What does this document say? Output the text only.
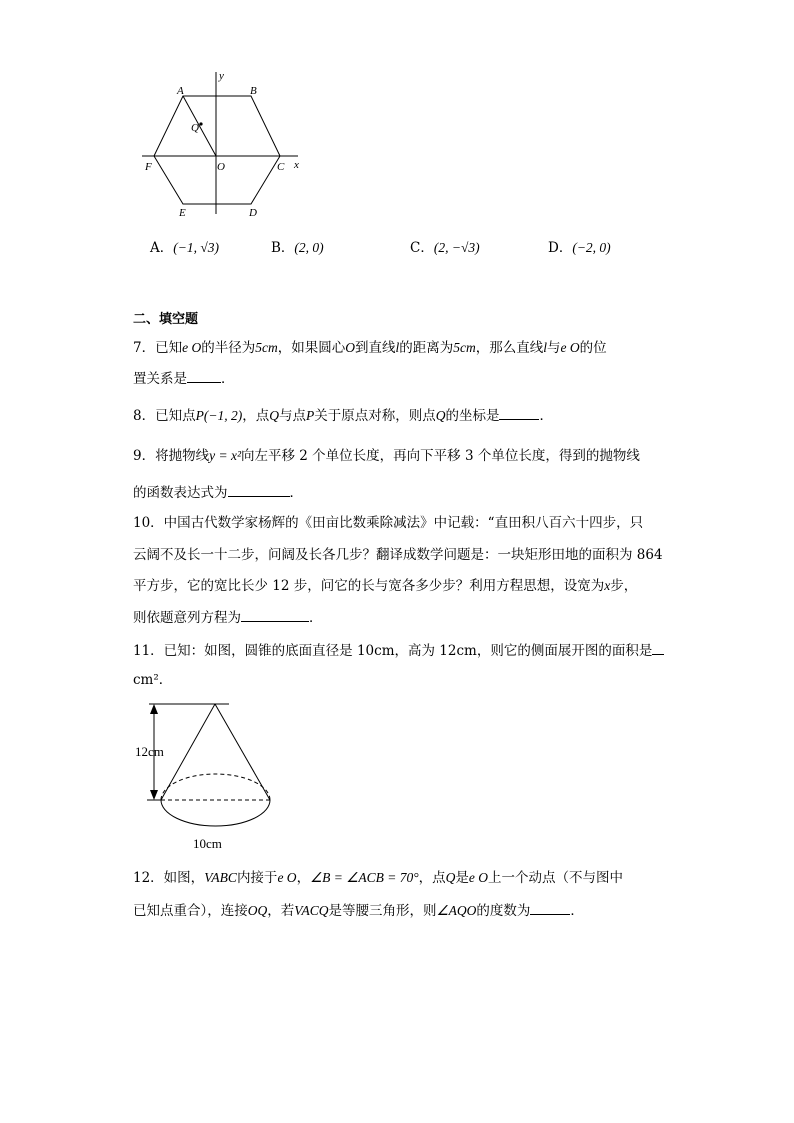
A	B
y
Q
F	O	C x
E	D
A．(−1, √3)	B．(2, 0)	C．(2, −√3)	D．(−2, 0)
二、填空题
7．已知e O的半径为5cm，如果圆心O到直线l的距离为5cm，那么直线l与e O的位
置关系是	．
8．已知点P(−1, 2)，点Q与点P关于原点对称，则点Q的坐标是	．
9．将抛物线y = x²向左平移 2 个单位长度，再向下平移 3 个单位长度，得到的抛物线
的函数表达式为	．
10．中国古代数学家杨辉的《田亩比数乘除减法》中记载：“直田积八百六十四步，只
云阔不及长一十二步，问阔及长各几步？翻译成数学问题是：一块矩形田地的面积为 864
平方步，它的宽比长少 12 步，问它的长与宽各多少步？利用方程思想，设宽为x步，
则依题意列方程为	．
11．已知：如图，圆锥的底面直径是 10cm，高为 12cm，则它的侧面展开图的面积是
cm²．
12cm
10cm
12．如图，VABC内接于e O，∠B = ∠ACB = 70°，点Q是e O上一个动点（不与图中
已知点重合），连接OQ，若VACQ是等腰三角形，则∠AQO的度数为	．
